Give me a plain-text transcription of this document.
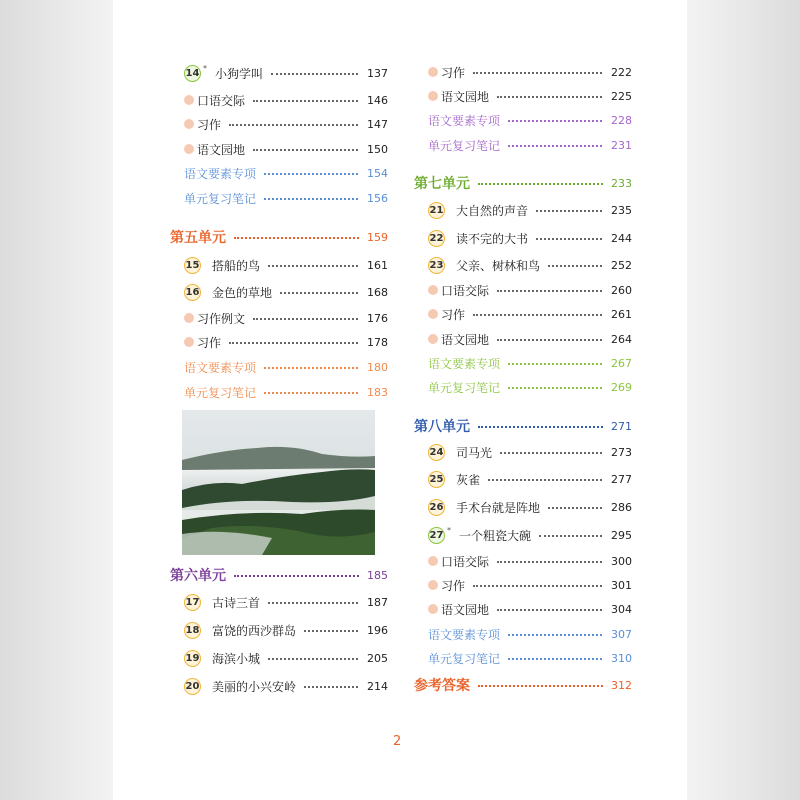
14 * 小狗学叫	137
口语交际	146
习作	147
语文园地	150
语文要素专项	154
单元复习笔记	156
第五单元	159
15 搭船的鸟	161
16 金色的草地	168
习作例文	176
习作	178
语文要素专项	180
单元复习笔记	183
第六单元	185
17 古诗三首	187
18 富饶的西沙群岛	196
19 海滨小城	205
20 美丽的小兴安岭	214
习作	222
语文园地	225
语文要素专项	228
单元复习笔记	231
第七单元	233
21 大自然的声音	235
22 读不完的大书	244
23 父亲、树林和鸟	252
口语交际	260
习作	261
语文园地	264
语文要素专项	267
单元复习笔记	269
第八单元	271
24 司马光	273
25 灰雀	277
26 手术台就是阵地	286
27 * 一个粗瓷大碗	295
口语交际	300
习作	301
语文园地	304
语文要素专项	307
单元复习笔记	310
参考答案	312
2
